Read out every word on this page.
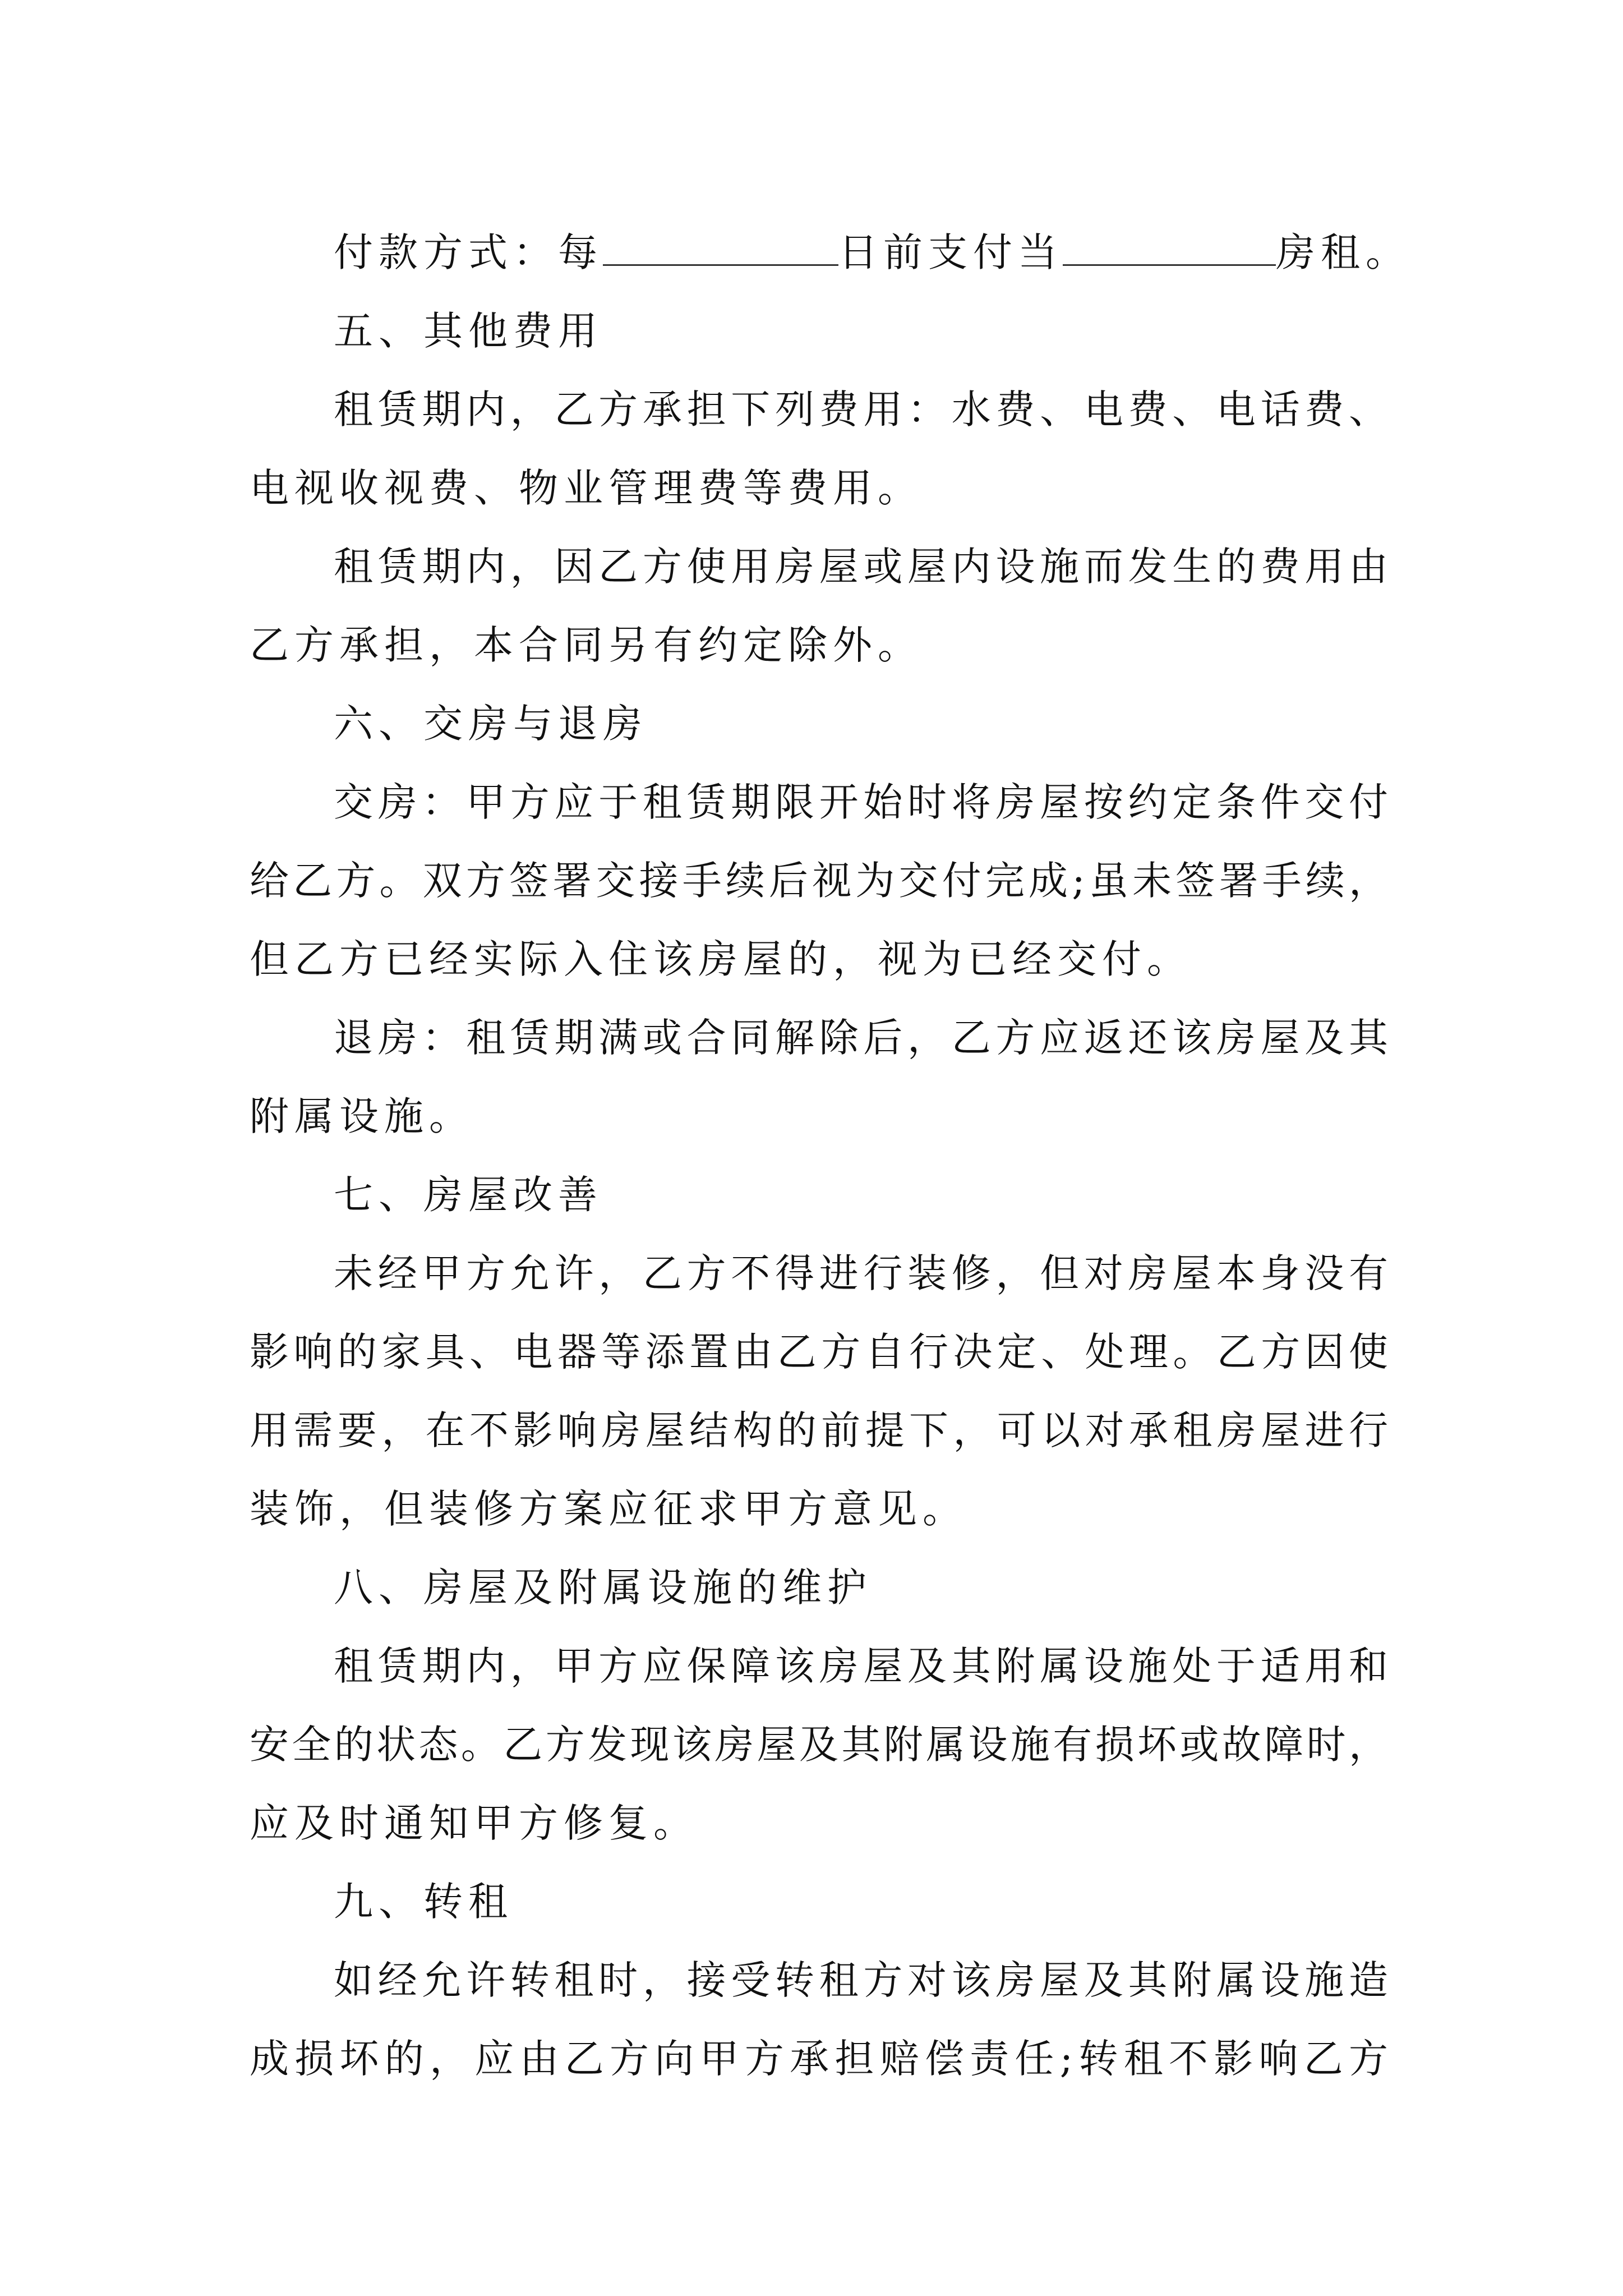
付款方式：每	日前支付当	房租。
五、其他费用
租赁期内，乙方承担下列费用：水费、电费、电话费、
电视收视费、物业管理费等费用。
租赁期内，因乙方使用房屋或屋内设施而发生的费用由
乙方承担，本合同另有约定除外。
六、交房与退房
交房：甲方应于租赁期限开始时将房屋按约定条件交付
给乙方。双方签署交接手续后视为交付完成;虽未签署手续，
但乙方已经实际入住该房屋的，视为已经交付。
退房：租赁期满或合同解除后，乙方应返还该房屋及其
附属设施。
七、房屋改善
未经甲方允许，乙方不得进行装修，但对房屋本身没有
影响的家具、电器等添置由乙方自行决定、处理。乙方因使
用需要，在不影响房屋结构的前提下，可以对承租房屋进行
装饰，但装修方案应征求甲方意见。
八、房屋及附属设施的维护
租赁期内，甲方应保障该房屋及其附属设施处于适用和
安全的状态。乙方发现该房屋及其附属设施有损坏或故障时，
应及时通知甲方修复。
九、转租
如经允许转租时，接受转租方对该房屋及其附属设施造
成损坏的，应由乙方向甲方承担赔偿责任;转租不影响乙方
